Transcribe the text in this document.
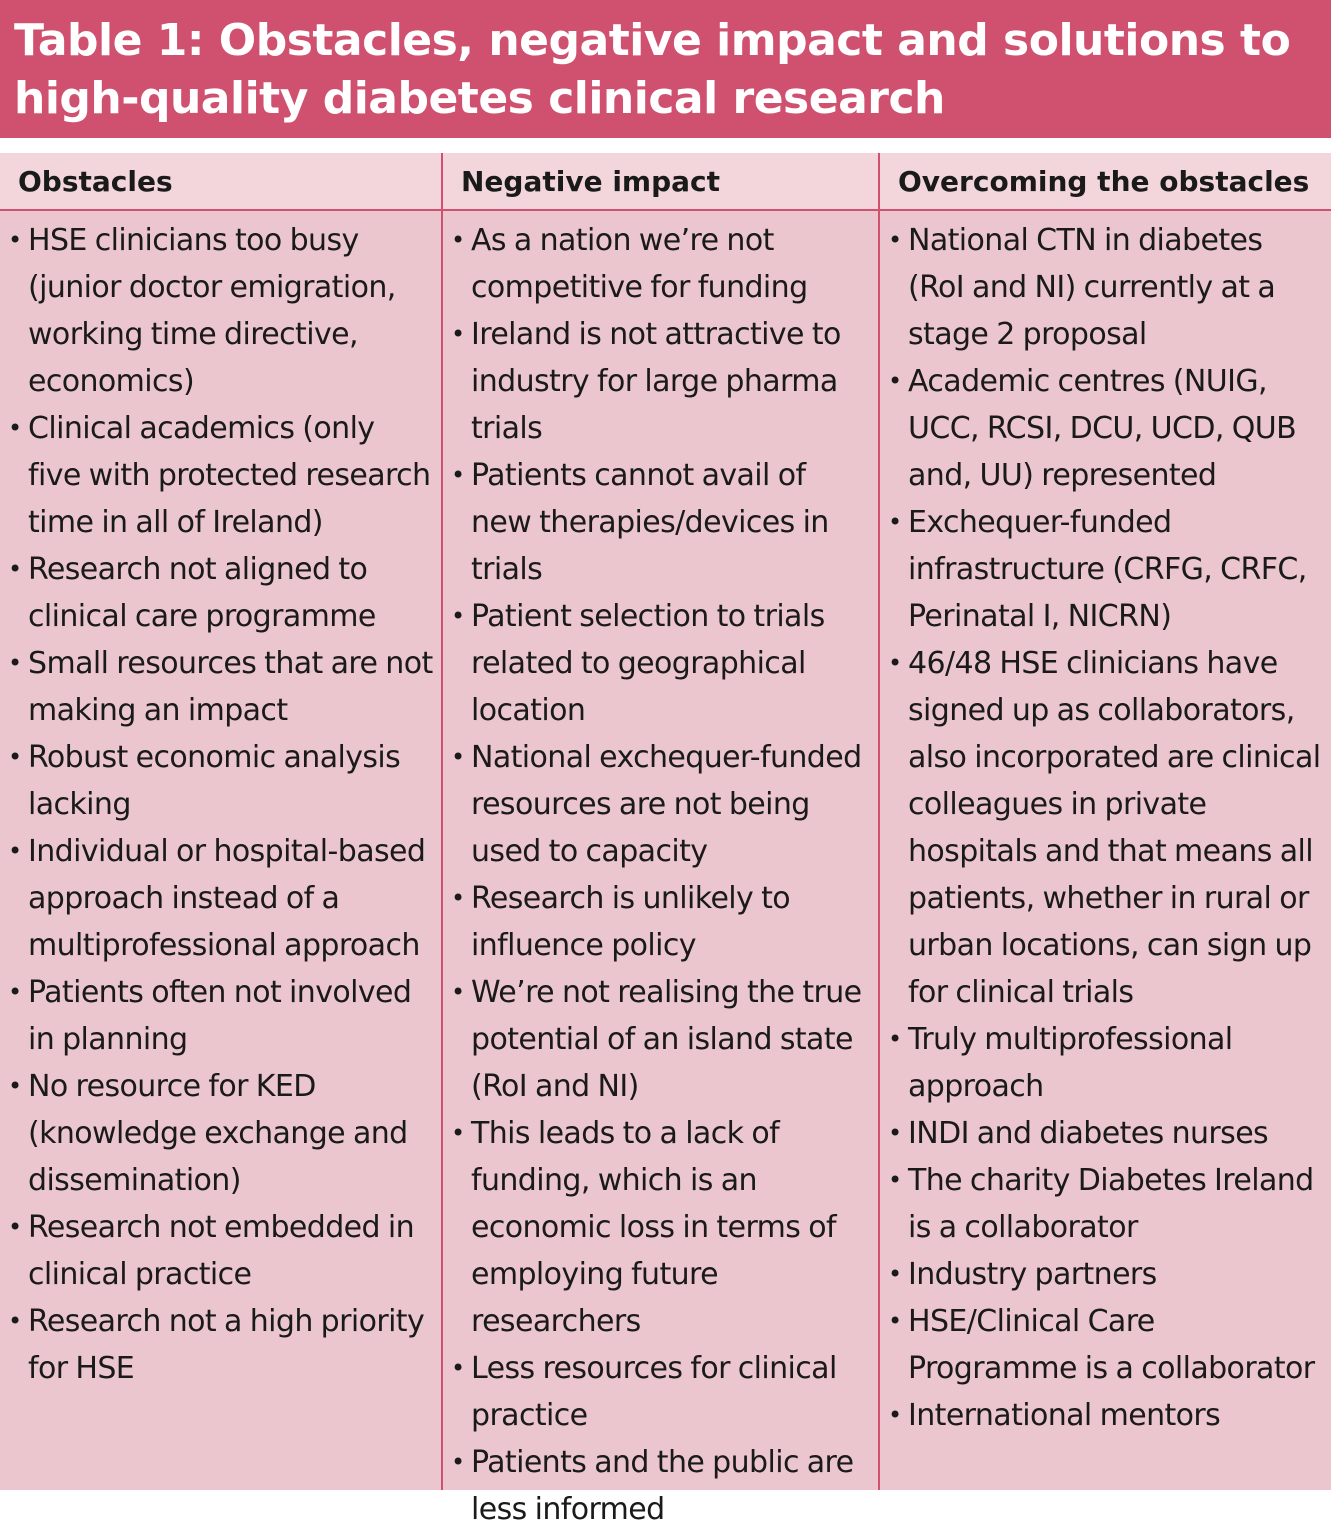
Table 1: Obstacles, negative impact and solutions to high-quality diabetes clinical research
Obstacles
• HSE clinicians too busy (junior doctor emigration, working time directive, economics)
• Clinical academics (only five with protected research time in all of Ireland)
• Research not aligned to clinical care programme
• Small resources that are not making an impact
• Robust economic analysis lacking
• Individual or hospital-based approach instead of a multiprofessional approach
• Patients often not involved in planning
• No resource for KED (knowledge exchange and dissemination)
• Research not embedded in clinical practice
• Research not a high priority for HSE
Negative impact
• As a nation we’re not competitive for funding
• Ireland is not attractive to industry for large pharma trials
• Patients cannot avail of new therapies/devices in trials
• Patient selection to trials related to geographical location
• National exchequer-funded resources are not being used to capacity
• Research is unlikely to influence policy
• We’re not realising the true potential of an island state (RoI and NI)
• This leads to a lack of funding, which is an economic loss in terms of employing future researchers
• Less resources for clinical practice
• Patients and the public are less informed
Overcoming the obstacles
• National CTN in diabetes (RoI and NI) currently at a stage 2 proposal
• Academic centres (NUIG, UCC, RCSI, DCU, UCD, QUB and, UU) represented
• Exchequer-funded infrastructure (CRFG, CRFC, Perinatal I, NICRN)
• 46/48 HSE clinicians have signed up as collaborators, also incorporated are clinical colleagues in private hospitals and that means all patients, whether in rural or urban locations, can sign up for clinical trials
• Truly multiprofessional approach
• INDI and diabetes nurses
• The charity Diabetes Ireland is a collaborator
• Industry partners
• HSE/Clinical Care Programme is a collaborator
• International mentors
